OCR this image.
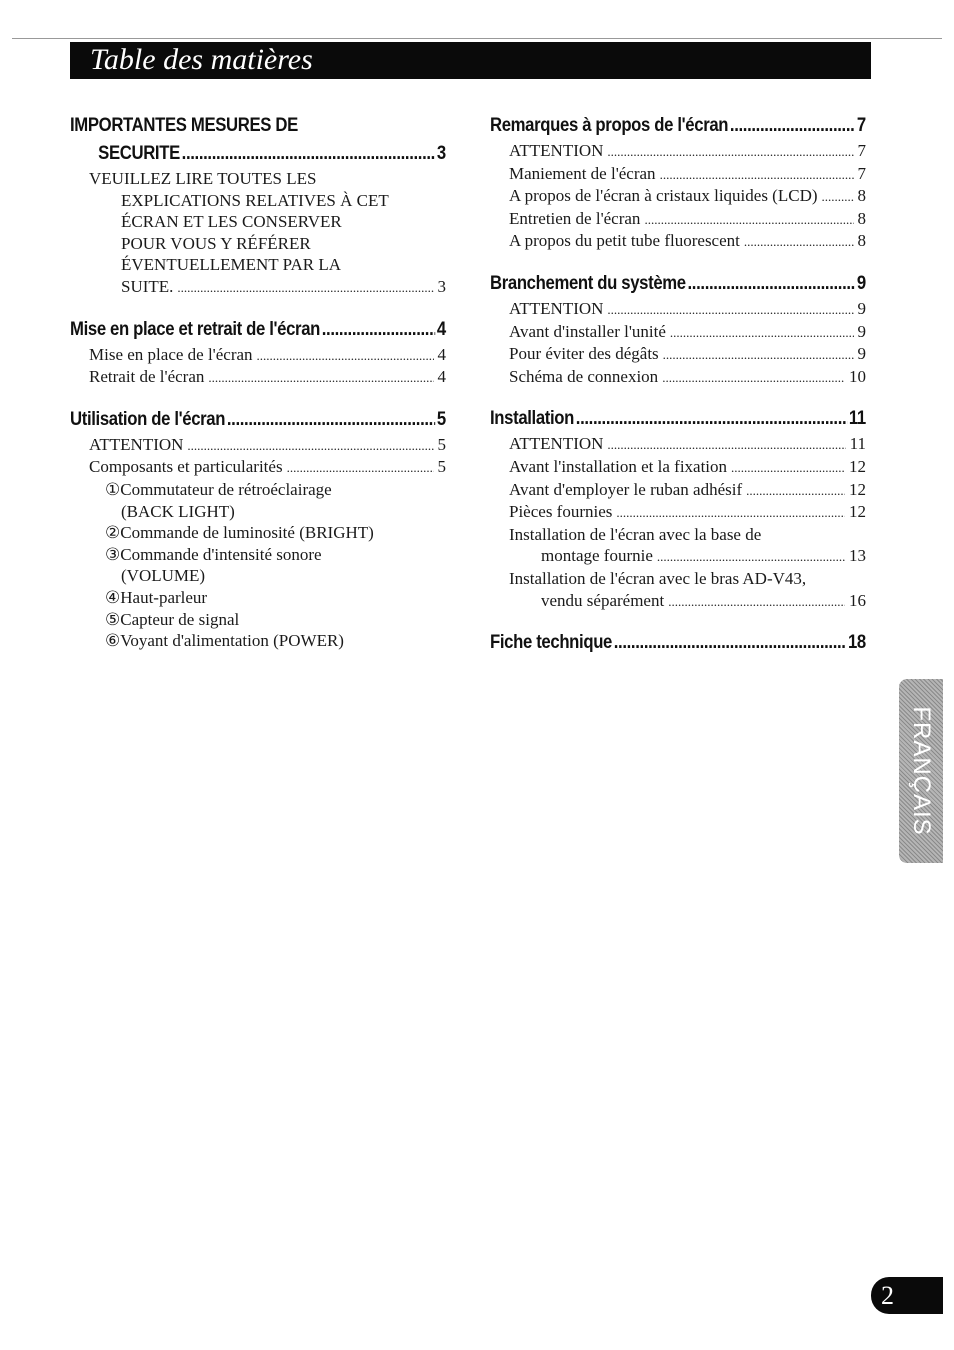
Table des matières
IMPORTANTES MESURES DE
SECURITE .....	3
VEUILLEZ LIRE TOUTES LES
EXPLICATIONS RELATIVES À CET
ÉCRAN ET LES CONSERVER
POUR VOUS Y RÉFÉRER
ÉVENTUELLEMENT PAR LA
SUITE. .....	3
Mise en place et retrait de l'écran .....	4
Mise en place de l'écran .....	4
Retrait de l'écran .....	4
Utilisation de l'écran .....	5
ATTENTION .....	5
Composants et particularités .....	5
①Commutateur de rétroéclairage
(BACK LIGHT)
②Commande de luminosité (BRIGHT)
③Commande d'intensité sonore
(VOLUME)
④Haut-parleur
⑤Capteur de signal
⑥Voyant d'alimentation (POWER)
Remarques à propos de l'écran .....	7
ATTENTION .....	7
Maniement de l'écran .....	7
A propos de l'écran à cristaux liquides (LCD) ..... 8
Entretien de l'écran .....	8
A propos du petit tube fluorescent .....	8
Branchement du système .....	9
ATTENTION .....	9
Avant d'installer l'unité .....	9
Pour éviter des dégâts .....	9
Schéma de connexion .....	10
Installation .....	11
ATTENTION .....	11
Avant l'installation et la fixation .....	12
Avant d'employer le ruban adhésif .....	12
Pièces fournies .....	12
Installation de l'écran avec la base de
montage fournie .....	13
Installation de l'écran avec le bras AD-V43,
vendu séparément .....	16
Fiche technique .....	18
FRANÇAIS
2
